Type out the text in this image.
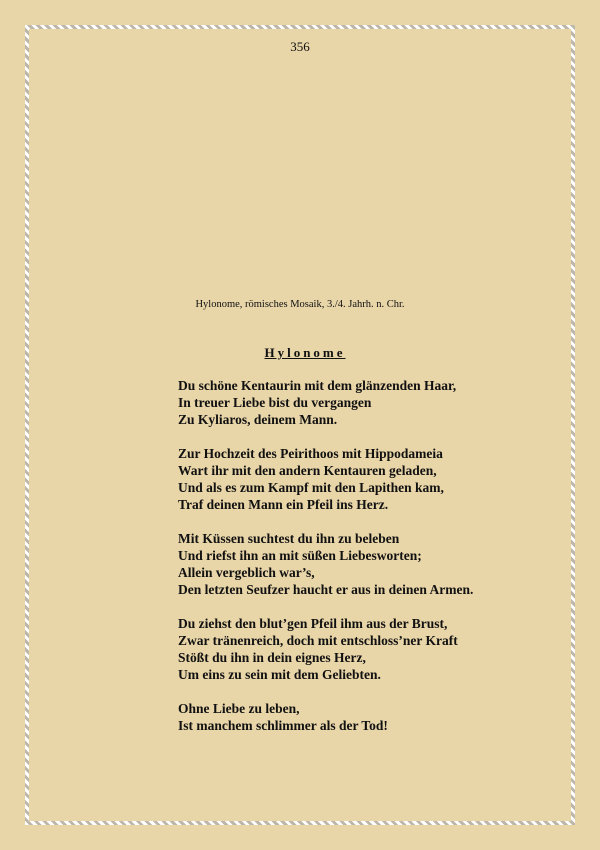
356
Hylonome, römisches Mosaik, 3./4. Jahrh. n. Chr.
Hylonome
Du schöne Kentaurin mit dem glänzenden Haar,
In treuer Liebe bist du vergangen
Zu Kyliaros, deinem Mann.
Zur Hochzeit des Peirithoos mit Hippodameia
Wart ihr mit den andern Kentauren geladen,
Und als es zum Kampf mit den Lapithen kam,
Traf deinen Mann ein Pfeil ins Herz.
Mit Küssen suchtest du ihn zu beleben
Und riefst ihn an mit süßen Liebesworten;
Allein vergeblich war’s,
Den letzten Seufzer haucht er aus in deinen Armen.
Du ziehst den blut’gen Pfeil ihm aus der Brust,
Zwar tränenreich, doch mit entschloss’ner Kraft
Stößt du ihn in dein eignes Herz,
Um eins zu sein mit dem Geliebten.
Ohne Liebe zu leben,
Ist manchem schlimmer als der Tod!
